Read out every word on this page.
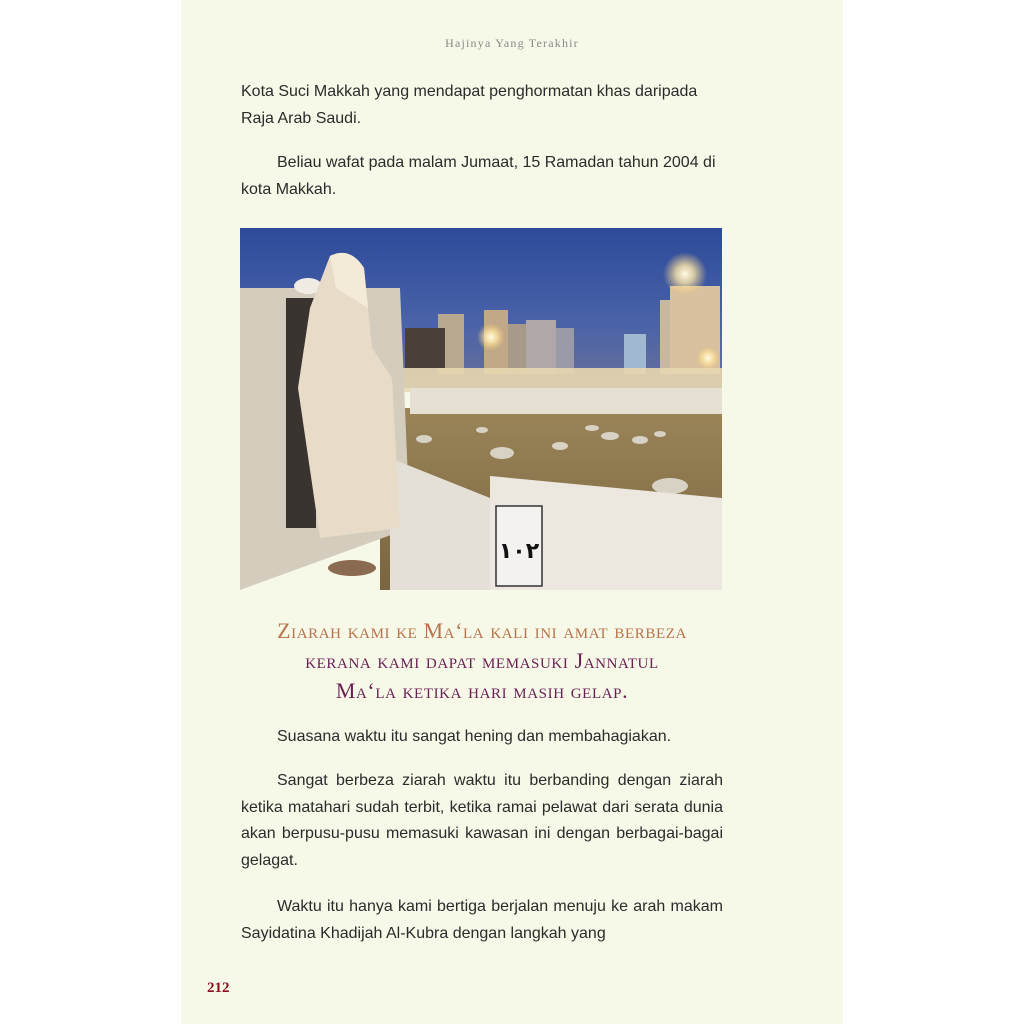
Hajinya Yang Terakhir

Kota Suci Makkah yang mendapat penghormatan khas daripada Raja Arab Saudi.

Beliau wafat pada malam Jumaat, 15 Ramadan tahun 2004 di kota Makkah.

١٠٢
Ziarah kami ke Ma‘la kali ini amat berbeza
kerana kami dapat memasuki Jannatul
Ma‘la ketika hari masih gelap.

Suasana waktu itu sangat hening dan membahagiakan.

Sangat berbeza ziarah waktu itu berbanding dengan ziarah ketika matahari sudah terbit, ketika ramai pelawat dari serata dunia akan berpusu-pusu memasuki kawasan ini dengan berbagai-bagai gelagat.

Waktu itu hanya kami bertiga berjalan menuju ke arah makam Sayidatina Khadijah Al-Kubra dengan langkah yang

212
